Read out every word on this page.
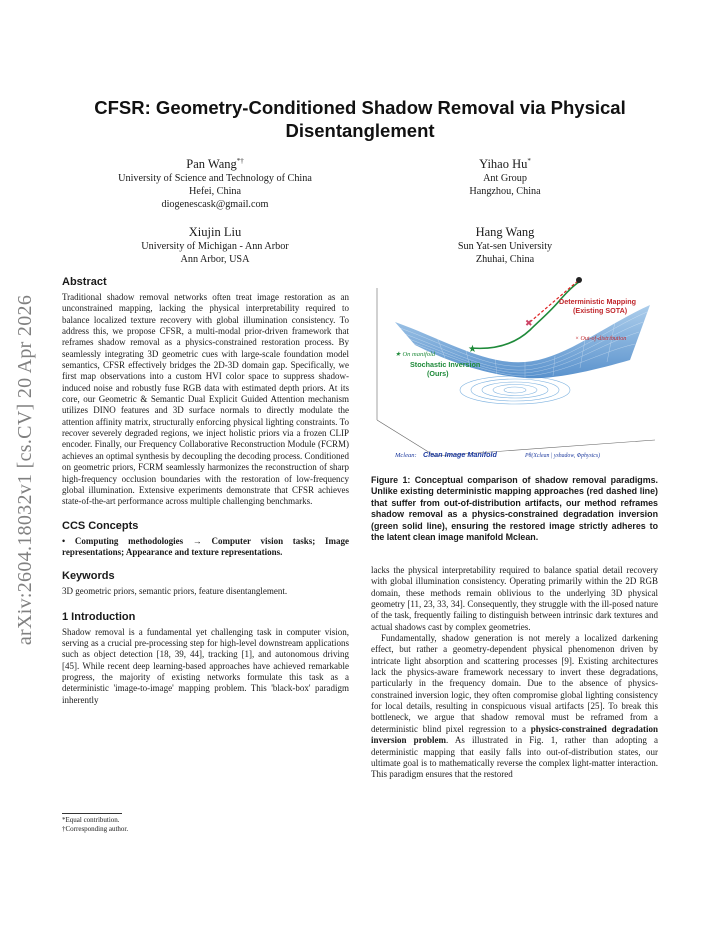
arXiv:2604.18032v1 [cs.CV] 20 Apr 2026
CFSR: Geometry-Conditioned Shadow Removal via Physical Disentanglement
Pan Wang*†
University of Science and Technology of China
Hefei, China
diogenescask@gmail.com
Yihao Hu*
Ant Group
Hangzhou, China
Xiujin Liu
University of Michigan - Ann Arbor
Ann Arbor, USA
Hang Wang
Sun Yat-sen University
Zhuhai, China
Abstract
Traditional shadow removal networks often treat image restoration as an unconstrained mapping, lacking the physical interpretability required to balance localized texture recovery with global illumination consistency. To address this, we propose CFSR, a multi-modal prior-driven framework that reframes shadow removal as a physics-constrained restoration process. By seamlessly integrating 3D geometric cues with large-scale foundation model semantics, CFSR effectively bridges the 2D-3D domain gap. Specifically, we first map observations into a custom HVI color space to suppress shadow-induced noise and robustly fuse RGB data with estimated depth priors. At its core, our Geometric & Semantic Dual Explicit Guided Attention mechanism utilizes DINO features and 3D surface normals to directly modulate the attention affinity matrix, structurally enforcing physical lighting constraints. To recover severely degraded regions, we inject holistic priors via a frozen CLIP encoder. Finally, our Frequency Collaborative Reconstruction Module (FCRM) achieves an optimal synthesis by decoupling the decoding process. Conditioned on geometric priors, FCRM seamlessly harmonizes the reconstruction of sharp high-frequency occlusion boundaries with the restoration of low-frequency global illumination. Extensive experiments demonstrate that CFSR achieves state-of-the-art performance across multiple challenging benchmarks.
CCS Concepts
• Computing methodologies → Computer vision tasks; Image representations; Appearance and texture representations.
Keywords
3D geometric priors, semantic priors, feature disentanglement.
1 Introduction
Shadow removal is a fundamental yet challenging task in computer vision, serving as a crucial pre-processing step for high-level downstream applications such as object detection [18, 39, 44], tracking [1], and autonomous driving [45]. While recent deep learning-based approaches have achieved remarkable progress, the majority of existing networks formulate this task as a deterministic 'image-to-image' mapping problem. This 'black-box' paradigm inherently
*Equal contribution.
†Corresponding author.
★
✖
Deterministic Mapping
(Existing SOTA)
× Out-of-distribution
★ On manifold
Stochastic Inversion
(Ours)
Mclean: Clean Image Manifold	Pθ(Xclean | yshadow, Φphysics)
Figure 1: Conceptual comparison of shadow removal paradigms. Unlike existing deterministic mapping approaches (red dashed line) that suffer from out-of-distribution artifacts, our method reframes shadow removal as a physics-constrained degradation inversion (green solid line), ensuring the restored image strictly adheres to the latent clean image manifold Mclean.
lacks the physical interpretability required to balance spatial detail recovery with global illumination consistency. Operating primarily within the 2D RGB domain, these methods remain oblivious to the underlying 3D physical geometry [11, 23, 33, 34]. Consequently, they struggle with the ill-posed nature of the task, frequently failing to distinguish between intrinsic dark textures and actual shadows cast by complex geometries.
Fundamentally, shadow generation is not merely a localized darkening effect, but rather a geometry-dependent physical phenomenon driven by intricate light absorption and scattering processes [9]. Existing architectures lack the physics-aware framework necessary to invert these degradations, particularly in the frequency domain. Due to the absence of physics-constrained inversion logic, they often compromise global lighting consistency for local details, resulting in conspicuous visual artifacts [25]. To break this bottleneck, we argue that shadow removal must be reframed from a deterministic blind pixel regression to a physics-constrained degradation inversion problem. As illustrated in Fig. 1, rather than adopting a deterministic mapping that easily falls into out-of-distribution states, our ultimate goal is to mathematically reverse the complex light-matter interaction. This paradigm ensures that the restored
